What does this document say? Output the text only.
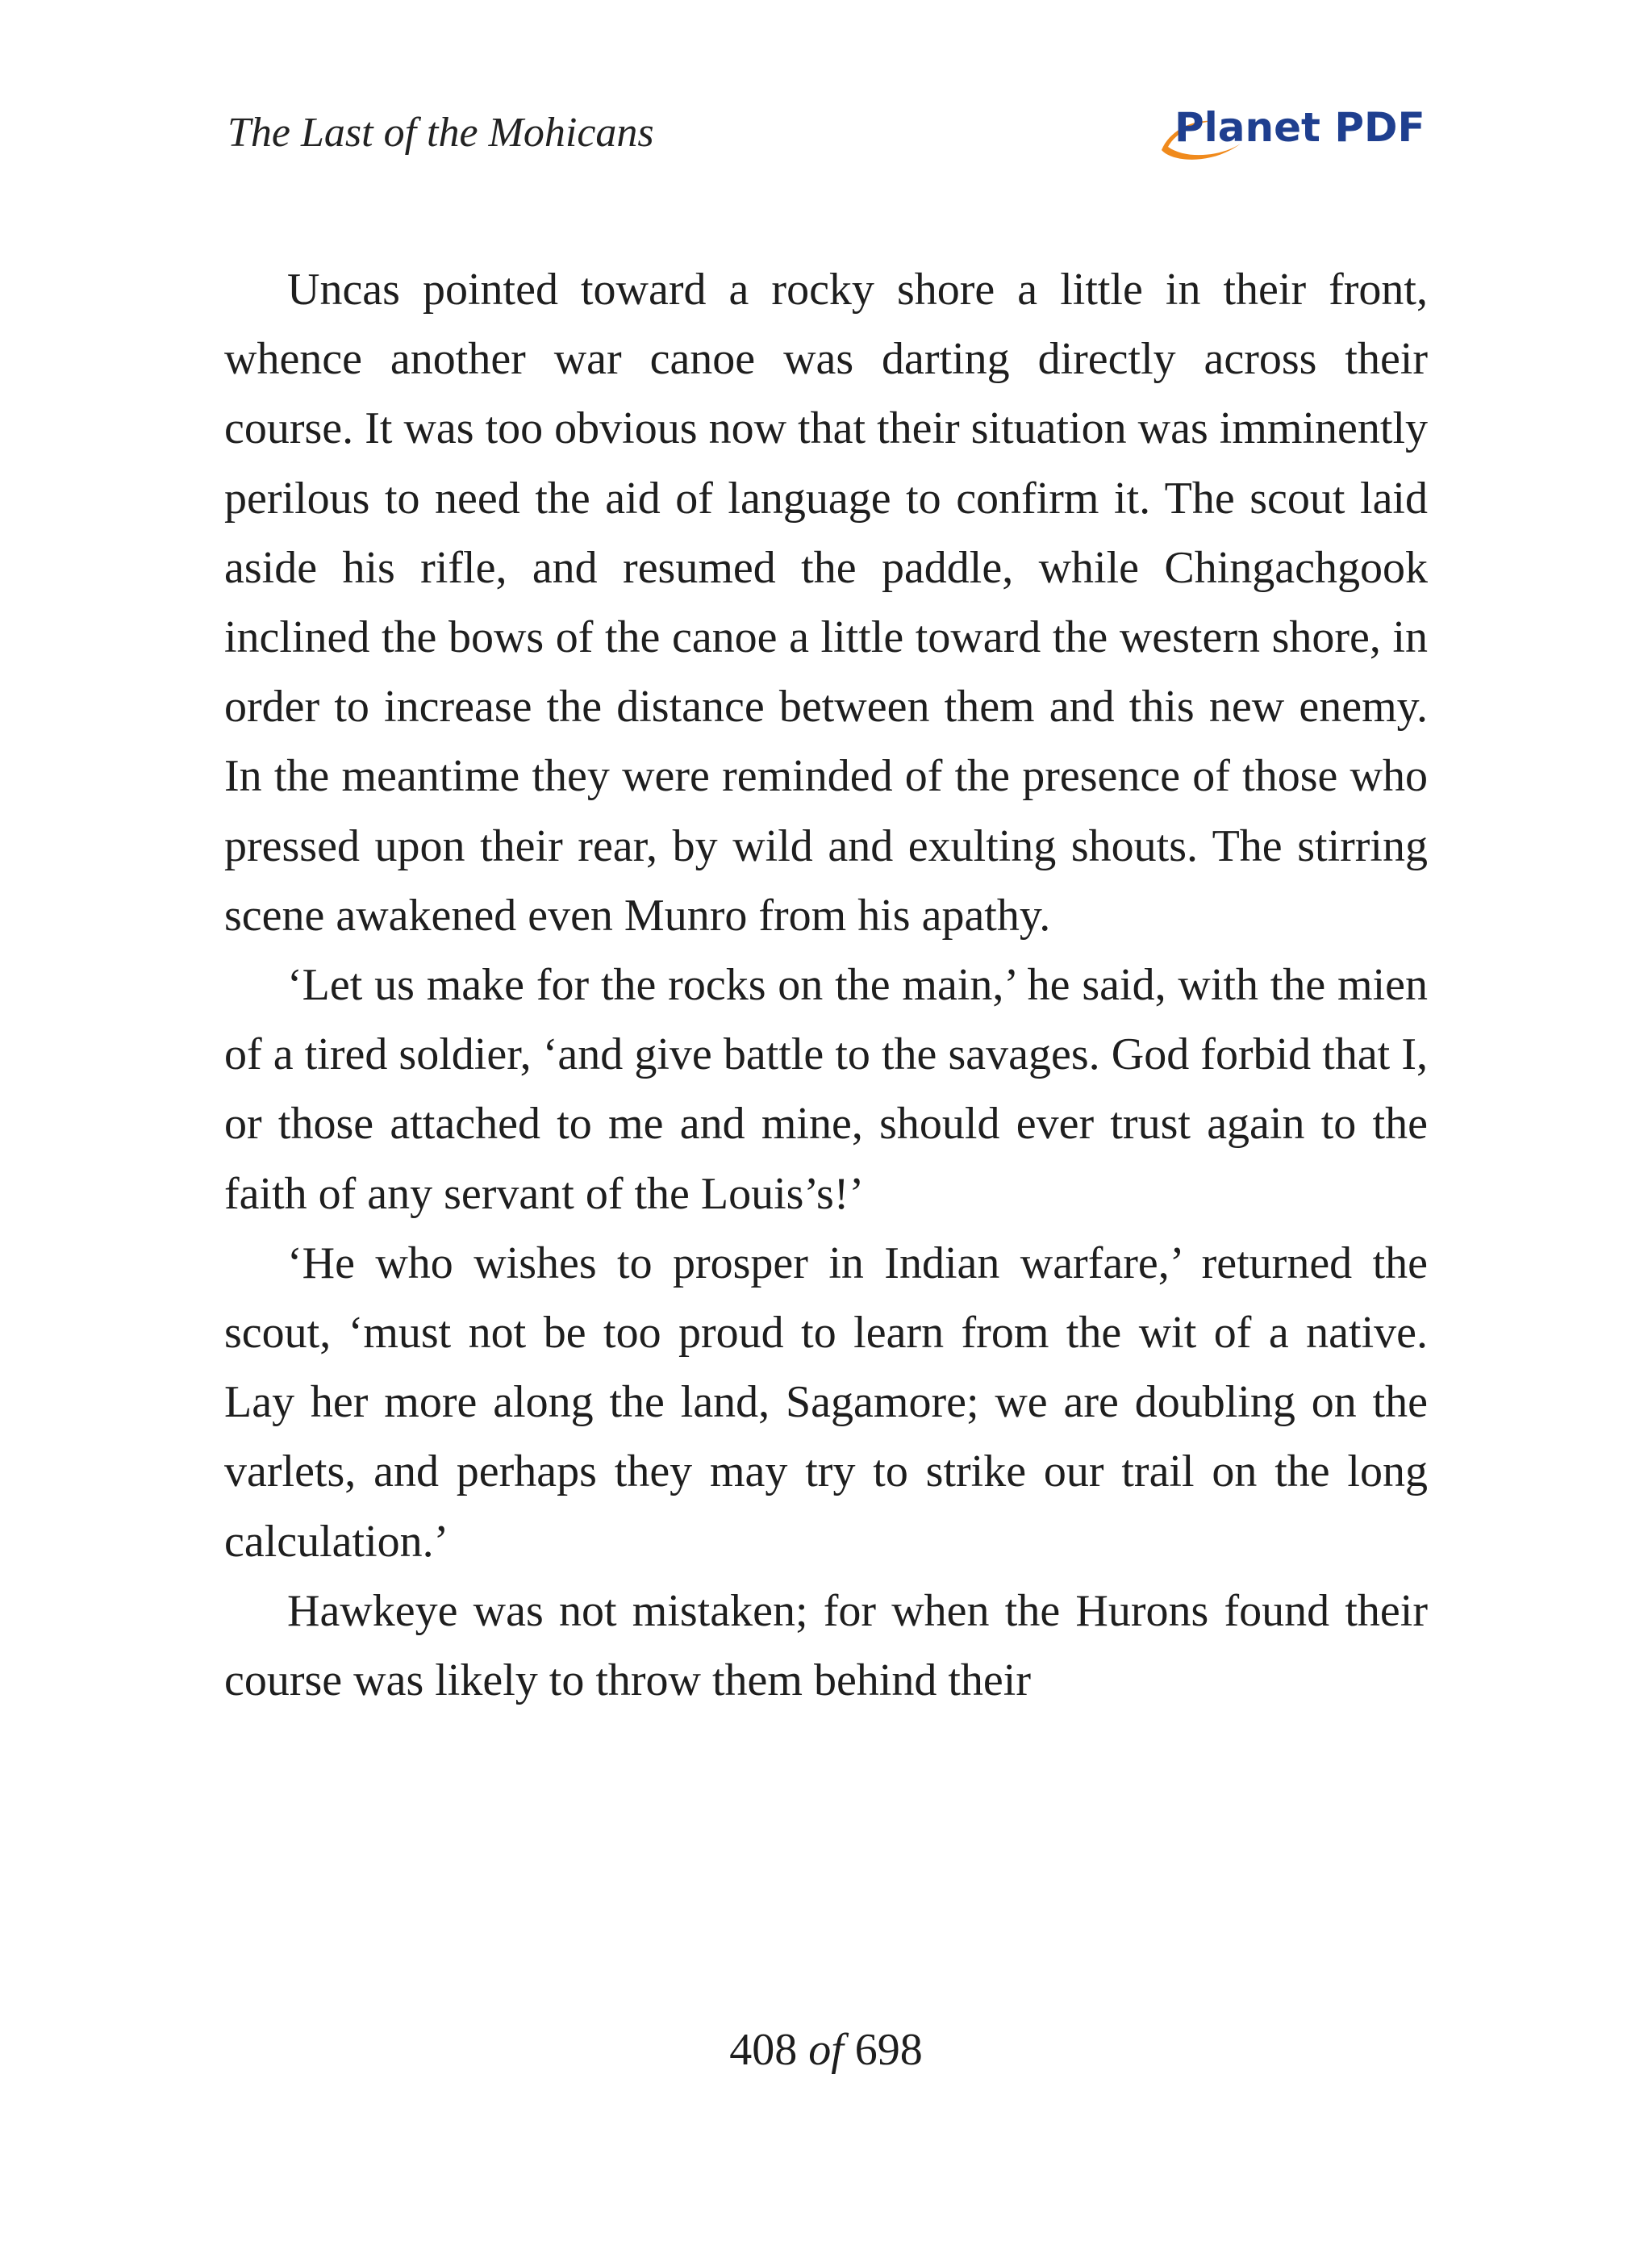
The Last of the Mohicans	Planet PDF

Uncas pointed toward a rocky shore a little in their front, whence another war canoe was darting directly across their course. It was too obvious now that their situation was imminently perilous to need the aid of language to confirm it. The scout laid aside his rifle, and resumed the paddle, while Chingachgook inclined the bows of the canoe a little toward the western shore, in order to increase the distance between them and this new enemy. In the meantime they were reminded of the presence of those who pressed upon their rear, by wild and exulting shouts. The stirring scene awakened even Munro from his apathy.

‘Let us make for the rocks on the main,’ he said, with the mien of a tired soldier, ‘and give battle to the savages. God forbid that I, or those attached to me and mine, should ever trust again to the faith of any servant of the Louis’s!’

‘He who wishes to prosper in Indian warfare,’ returned the scout, ‘must not be too proud to learn from the wit of a native. Lay her more along the land, Sagamore; we are doubling on the varlets, and perhaps they may try to strike our trail on the long calculation.’

Hawkeye was not mistaken; for when the Hurons found their course was likely to throw them behind their

408 of 698
